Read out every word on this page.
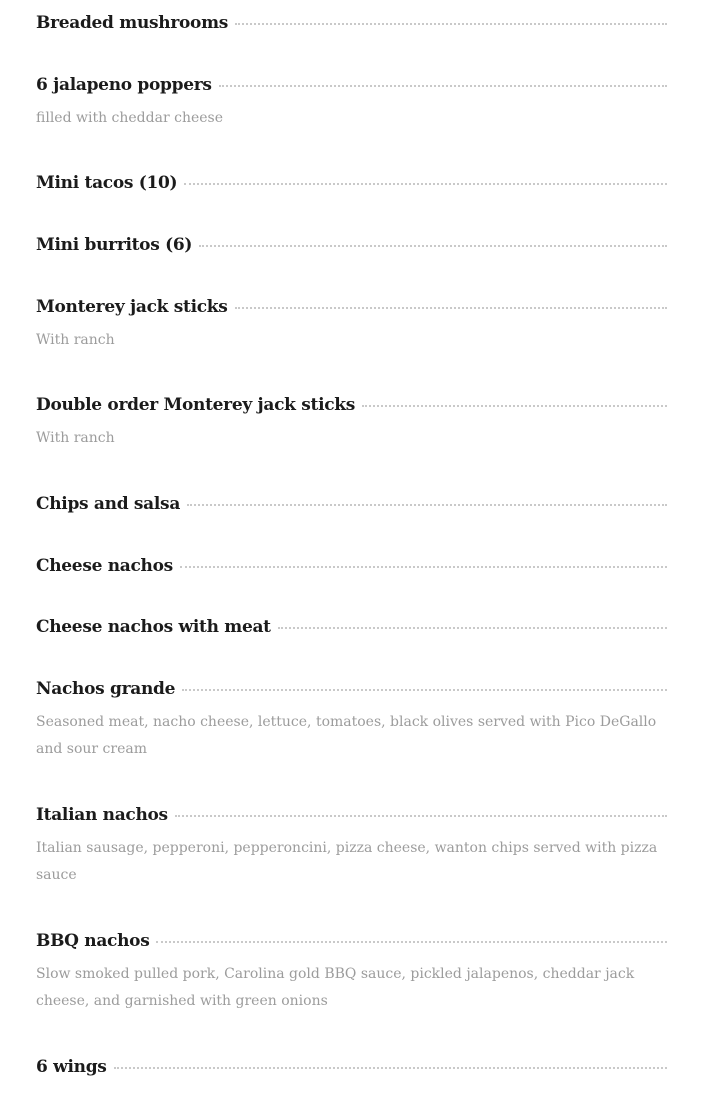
Breaded mushrooms
6 jalapeno poppers
filled with cheddar cheese
Mini tacos (10)
Mini burritos (6)
Monterey jack sticks
With ranch
Double order Monterey jack sticks
With ranch
Chips and salsa
Cheese nachos
Cheese nachos with meat
Nachos grande
Seasoned meat, nacho cheese, lettuce, tomatoes, black olives served with Pico DeGallo and sour cream
Italian nachos
Italian sausage, pepperoni, pepperoncini, pizza cheese, wanton chips served with pizza sauce
BBQ nachos
Slow smoked pulled pork, Carolina gold BBQ sauce, pickled jalapenos, cheddar jack cheese, and garnished with green onions
6 wings
